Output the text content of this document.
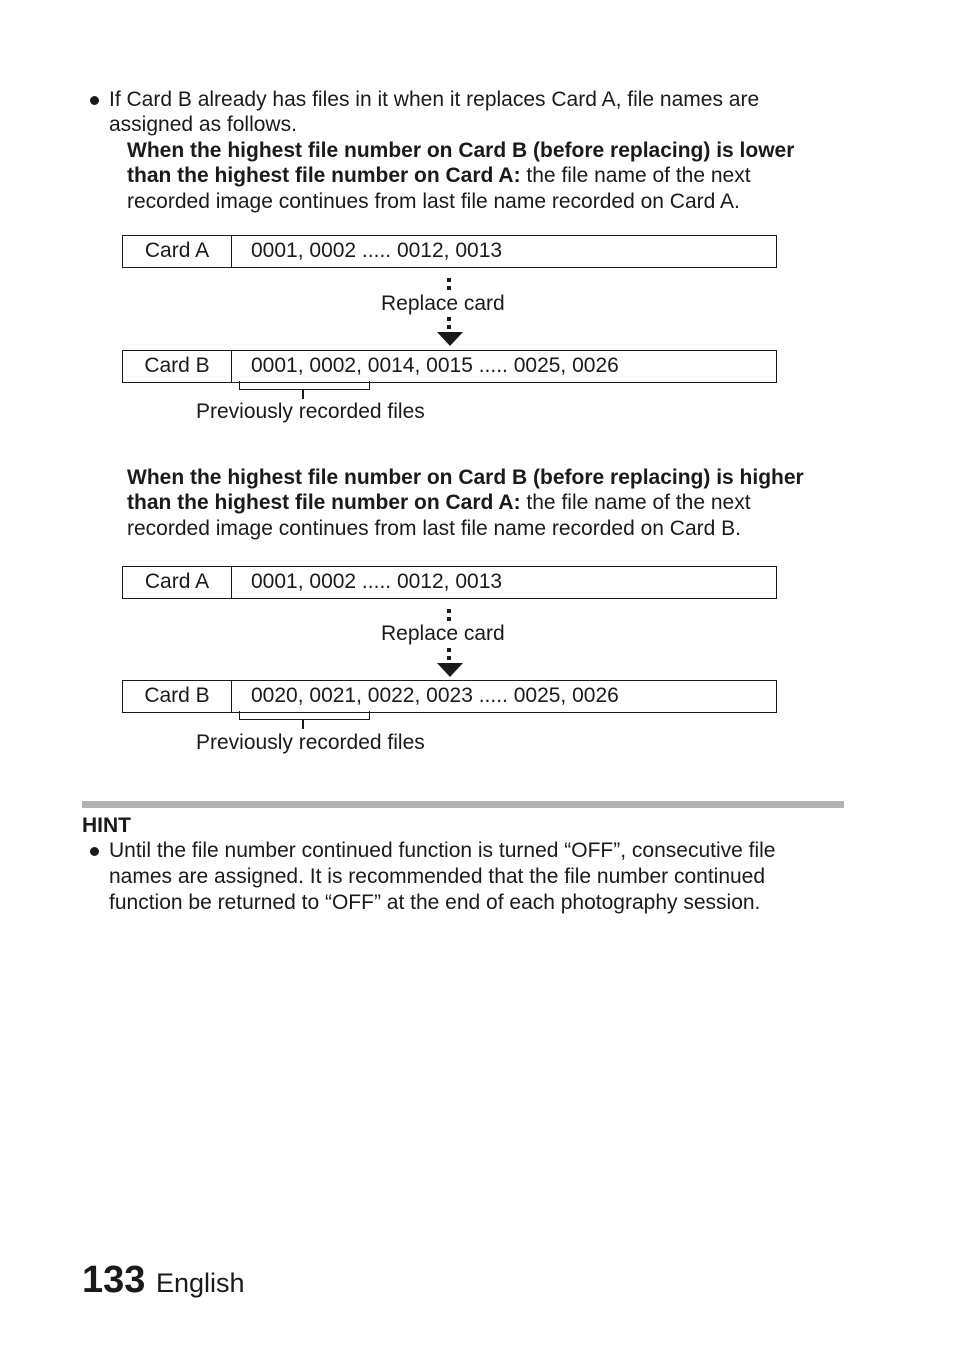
If Card B already has files in it when it replaces Card A, file names are
assigned as follows.
When the highest file number on Card B (before replacing) is lower
than the highest file number on Card A: the file name of the next
recorded image continues from last file name recorded on Card A.
Card A	0001, 0002 ..... 0012, 0013
Replace card
Card B	0001, 0002, 0014, 0015 ..... 0025, 0026
Previously recorded files
When the highest file number on Card B (before replacing) is higher
than the highest file number on Card A: the file name of the next
recorded image continues from last file name recorded on Card B.
Card A	0001, 0002 ..... 0012, 0013
Replace card
Card B	0020, 0021, 0022, 0023 ..... 0025, 0026
Previously recorded files
HINT
Until the file number continued function is turned “OFF”, consecutive file
names are assigned. It is recommended that the file number continued
function be returned to “OFF” at the end of each photography session.
133 English
